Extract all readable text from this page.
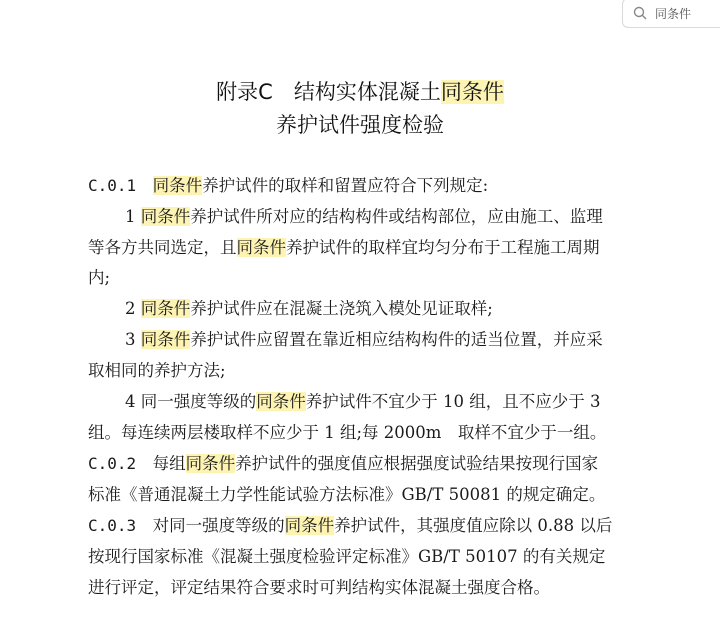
同条件
附录C　结构实体混凝土同条件
养护试件强度检验
C.0.1　 同条件养护试件的取样和留置应符合下列规定:
1 同条件养护试件所对应的结构构件或结构部位，应由施工、监理
等各方共同选定，且同条件养护试件的取样宜均匀分布于工程施工周期
内;
2 同条件养护试件应在混凝土浇筑入模处见证取样;
3 同条件养护试件应留置在靠近相应结构构件的适当位置，并应采
取相同的养护方法;
4 同一强度等级的同条件养护试件不宜少于 10 组，且不应少于 3
组。每连续两层楼取样不应少于 1 组;每 2000m　取样不宜少于一组。
C.0.2　 每组同条件养护试件的强度值应根据强度试验结果按现行国家
标准《普通混凝土力学性能试验方法标准》GB/T 50081 的规定确定。
C.0.3　 对同一强度等级的同条件养护试件，其强度值应除以 0.88 以后
按现行国家标准《混凝土强度检验评定标准》GB/T 50107 的有关规定
进行评定，评定结果符合要求时可判结构实体混凝土强度合格。
